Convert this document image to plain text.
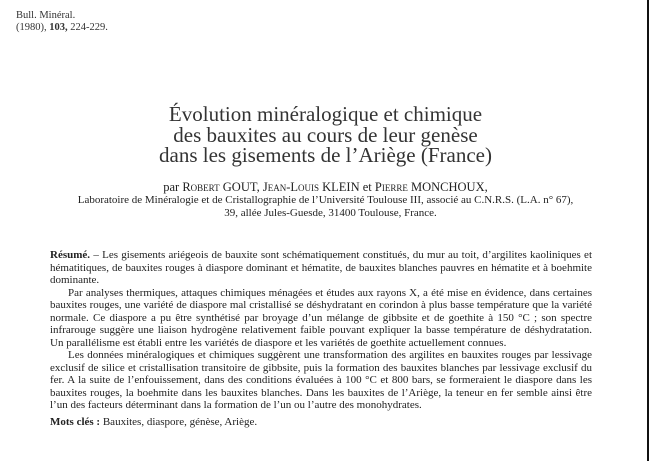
Bull. Minéral.
(1980), 103, 224-229.
Évolution minéralogique et chimique
des bauxites au cours de leur genèse
dans les gisements de l’Ariège (France)
par Robert GOUT, Jean-Louis KLEIN et Pierre MONCHOUX,
Laboratoire de Minéralogie et de Cristallographie de l’Université Toulouse III, associé au C.N.R.S. (L.A. n° 67),
39, allée Jules-Guesde, 31400 Toulouse, France.

Résumé. – Les gisements ariégeois de bauxite sont schématiquement constitués, du mur au toit, d’argilites kaoliniques et hématitiques, de bauxites rouges à diaspore dominant et hématite, de bauxites blanches pauvres en hématite et à boehmite dominante.

Par analyses thermiques, attaques chimiques ménagées et études aux rayons X, a été mise en évidence, dans certaines bauxites rouges, une variété de diaspore mal cristallisé se déshydratant en corindon à plus basse température que la variété normale. Ce diaspore a pu être synthétisé par broyage d’un mélange de gibbsite et de goethite à 150 °C ; son spectre infrarouge suggère une liaison hydrogène relativement faible pouvant expliquer la basse température de déshydratation. Un parallélisme est établi entre les variétés de diaspore et les variétés de goethite actuellement connues.

Les données minéralogiques et chimiques suggèrent une transformation des argilites en bauxites rouges par lessivage exclusif de silice et cristallisation transitoire de gibbsite, puis la formation des bauxites blanches par lessivage exclusif du fer. A la suite de l’enfouissement, dans des conditions évaluées à 100 °C et 800 bars, se formeraient le diaspore dans les bauxites rouges, la boehmite dans les bauxites blanches. Dans les bauxites de l’Ariège, la teneur en fer semble ainsi être l’un des facteurs déterminant dans la formation de l’un ou l’autre des monohydrates.

Mots clés : Bauxites, diaspore, génèse, Ariège.
